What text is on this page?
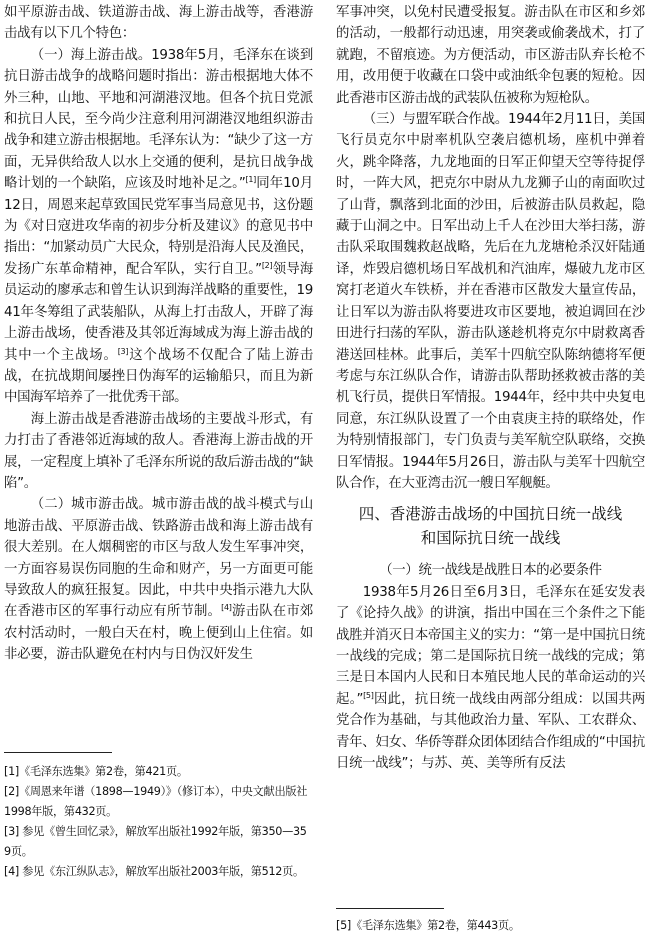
如平原游击战、铁道游击战、海上游击战等，香港游击战有以下几个特色：

（一）海上游击战。1938年5月，毛泽东在谈到抗日游击战争的战略问题时指出：游击根据地大体不外三种，山地、平地和河湖港汊地。但各个抗日党派和抗日人民，至今尚少注意利用河湖港汊地组织游击战争和建立游击根据地。毛泽东认为：“缺少了这一方面，无异供给敌人以水上交通的便利，是抗日战争战略计划的一个缺陷，应该及时地补足之。”[1]同年10月12日，周恩来起草致国民党军事当局意见书，这份题为《对日寇进攻华南的初步分析及建议》的意见书中指出：“加紧动员广大民众，特别是沿海人民及渔民，发扬广东革命精神，配合军队，实行自卫。”[2]领导海员运动的廖承志和曾生认识到海洋战略的重要性，1941年冬筹组了武装船队，从海上打击敌人，开辟了海上游击战场，使香港及其邻近海域成为海上游击战的其中一个主战场。[3]这个战场不仅配合了陆上游击战，在抗战期间屡挫日伪海军的运输船只，而且为新中国海军培养了一批优秀干部。

海上游击战是香港游击战场的主要战斗形式，有力打击了香港邻近海域的敌人。香港海上游击战的开展，一定程度上填补了毛泽东所说的敌后游击战的“缺陷”。

（二）城市游击战。城市游击战的战斗模式与山地游击战、平原游击战、铁路游击战和海上游击战有很大差别。在人烟稠密的市区与敌人发生军事冲突，一方面容易误伤同胞的生命和财产，另一方面更可能导致敌人的疯狂报复。因此，中共中央指示港九大队在香港市区的军事行动应有所节制。[4]游击队在市郊农村活动时，一般白天在村，晚上便到山上住宿。如非必要，游击队避免在村内与日伪汉奸发生

[1]《毛泽东选集》第2卷，第421页。

[2]《周恩来年谱（1898—1949）》（修订本），中央文献出版社1998年版，第432页。

[3] 参见《曾生回忆录》，解放军出版社1992年版，第350—359页。

[4] 参见《东江纵队志》，解放军出版社2003年版，第512页。

军事冲突，以免村民遭受报复。游击队在市区和乡郊的活动，一般都行动迅速，用突袭或偷袭战术，打了就跑，不留痕迹。为方便活动，市区游击队弃长枪不用，改用便于收藏在口袋中或油纸伞包裹的短枪。因此香港市区游击战的武装队伍被称为短枪队。

（三）与盟军联合作战。1944年2月11日，美国飞行员克尔中尉率机队空袭启德机场，座机中弹着火，跳伞降落，九龙地面的日军正仰望天空等待捉俘时，一阵大风，把克尔中尉从九龙狮子山的南面吹过了山背，飘落到北面的沙田，后被游击队员救起，隐藏于山洞之中。日军出动上千人在沙田大举扫荡，游击队采取围魏救赵战略，先后在九龙塘枪杀汉奸陆通译，炸毁启德机场日军战机和汽油库，爆破九龙市区窝打老道火车铁桥，并在香港市区散发大量宣传品，让日军以为游击队将要进攻市区要地，被迫调回在沙田进行扫荡的军队，游击队遂趁机将克尔中尉救离香港送回桂林。此事后，美军十四航空队陈纳德将军便考虑与东江纵队合作，请游击队帮助拯救被击落的美机飞行员，提供日军情报。1944年，经中共中央复电同意，东江纵队设置了一个由袁庚主持的联络处，作为特别情报部门，专门负责与美军航空队联络，交换日军情报。1944年5月26日，游击队与美军十四航空队合作，在大亚湾击沉一艘日军舰艇。

四、香港游击战场的中国抗日统一战线
和国际抗日统一战线

（一）统一战线是战胜日本的必要条件

1938年5月26日至6月3日，毛泽东在延安发表了《论持久战》的讲演，指出中国在三个条件之下能战胜并消灭日本帝国主义的实力：“第一是中国抗日统一战线的完成；第二是国际抗日统一战线的完成；第三是日本国内人民和日本殖民地人民的革命运动的兴起。”[5]因此，抗日统一战线由两部分组成：以国共两党合作为基础，与其他政治力量、军队、工农群众、青年、妇女、华侨等群众团体团结合作组成的“中国抗日统一战线”；与苏、英、美等所有反法

[5]《毛泽东选集》第2卷，第443页。
